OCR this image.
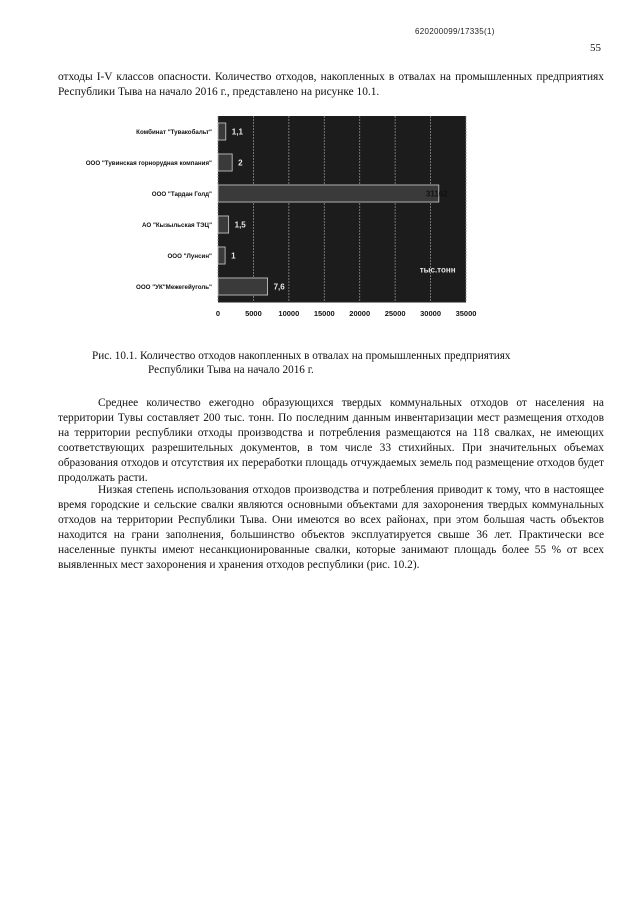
620200099/17335(1)
55

отходы I-V классов опасности. Количество отходов, накопленных в отвалах на промышленных предприятиях Республики Тыва на начало 2016 г., представлено на рисунке 10.1.

0	5000 10000 15000 20000 25000 30000 35000
Комбинат "Тувакобальт" 1,1
ООО "Тувинская горнорудная компания"	2
ООО "Тардан Голд"	31162
АО "Кызыльская ТЭЦ"	1,5
ООО "Лунсин" 1
ООО "УК"Межегейуголь"	7,6
тыс.тонн
Рис. 10.1. Количество отходов накопленных в отвалах на промышленных предприятиях
Республики Тыва на начало 2016 г.

Среднее количество ежегодно образующихся твердых коммунальных отходов от населения на территории Тувы составляет 200 тыс. тонн. По последним данным инвентаризации мест размещения отходов на территории республики отходы производства и потребления размещаются на 118 свалках, не имеющих соответствующих разрешительных документов, в том числе 33 стихийных. При значительных объемах образования отходов и отсутствия их переработки площадь отчуждаемых земель под размещение отходов будет продолжать расти.

Низкая степень использования отходов производства и потребления приводит к тому, что в настоящее время городские и сельские свалки являются основными объектами для захоронения твердых коммунальных отходов на территории Республики Тыва. Они имеются во всех районах, при этом большая часть объектов находится на грани заполнения, большинство объектов эксплуатируется свыше 36 лет. Практически все населенные пункты имеют несанкционированные свалки, которые занимают площадь более 55 % от всех выявленных мест захоронения и хранения отходов республики (рис. 10.2).
